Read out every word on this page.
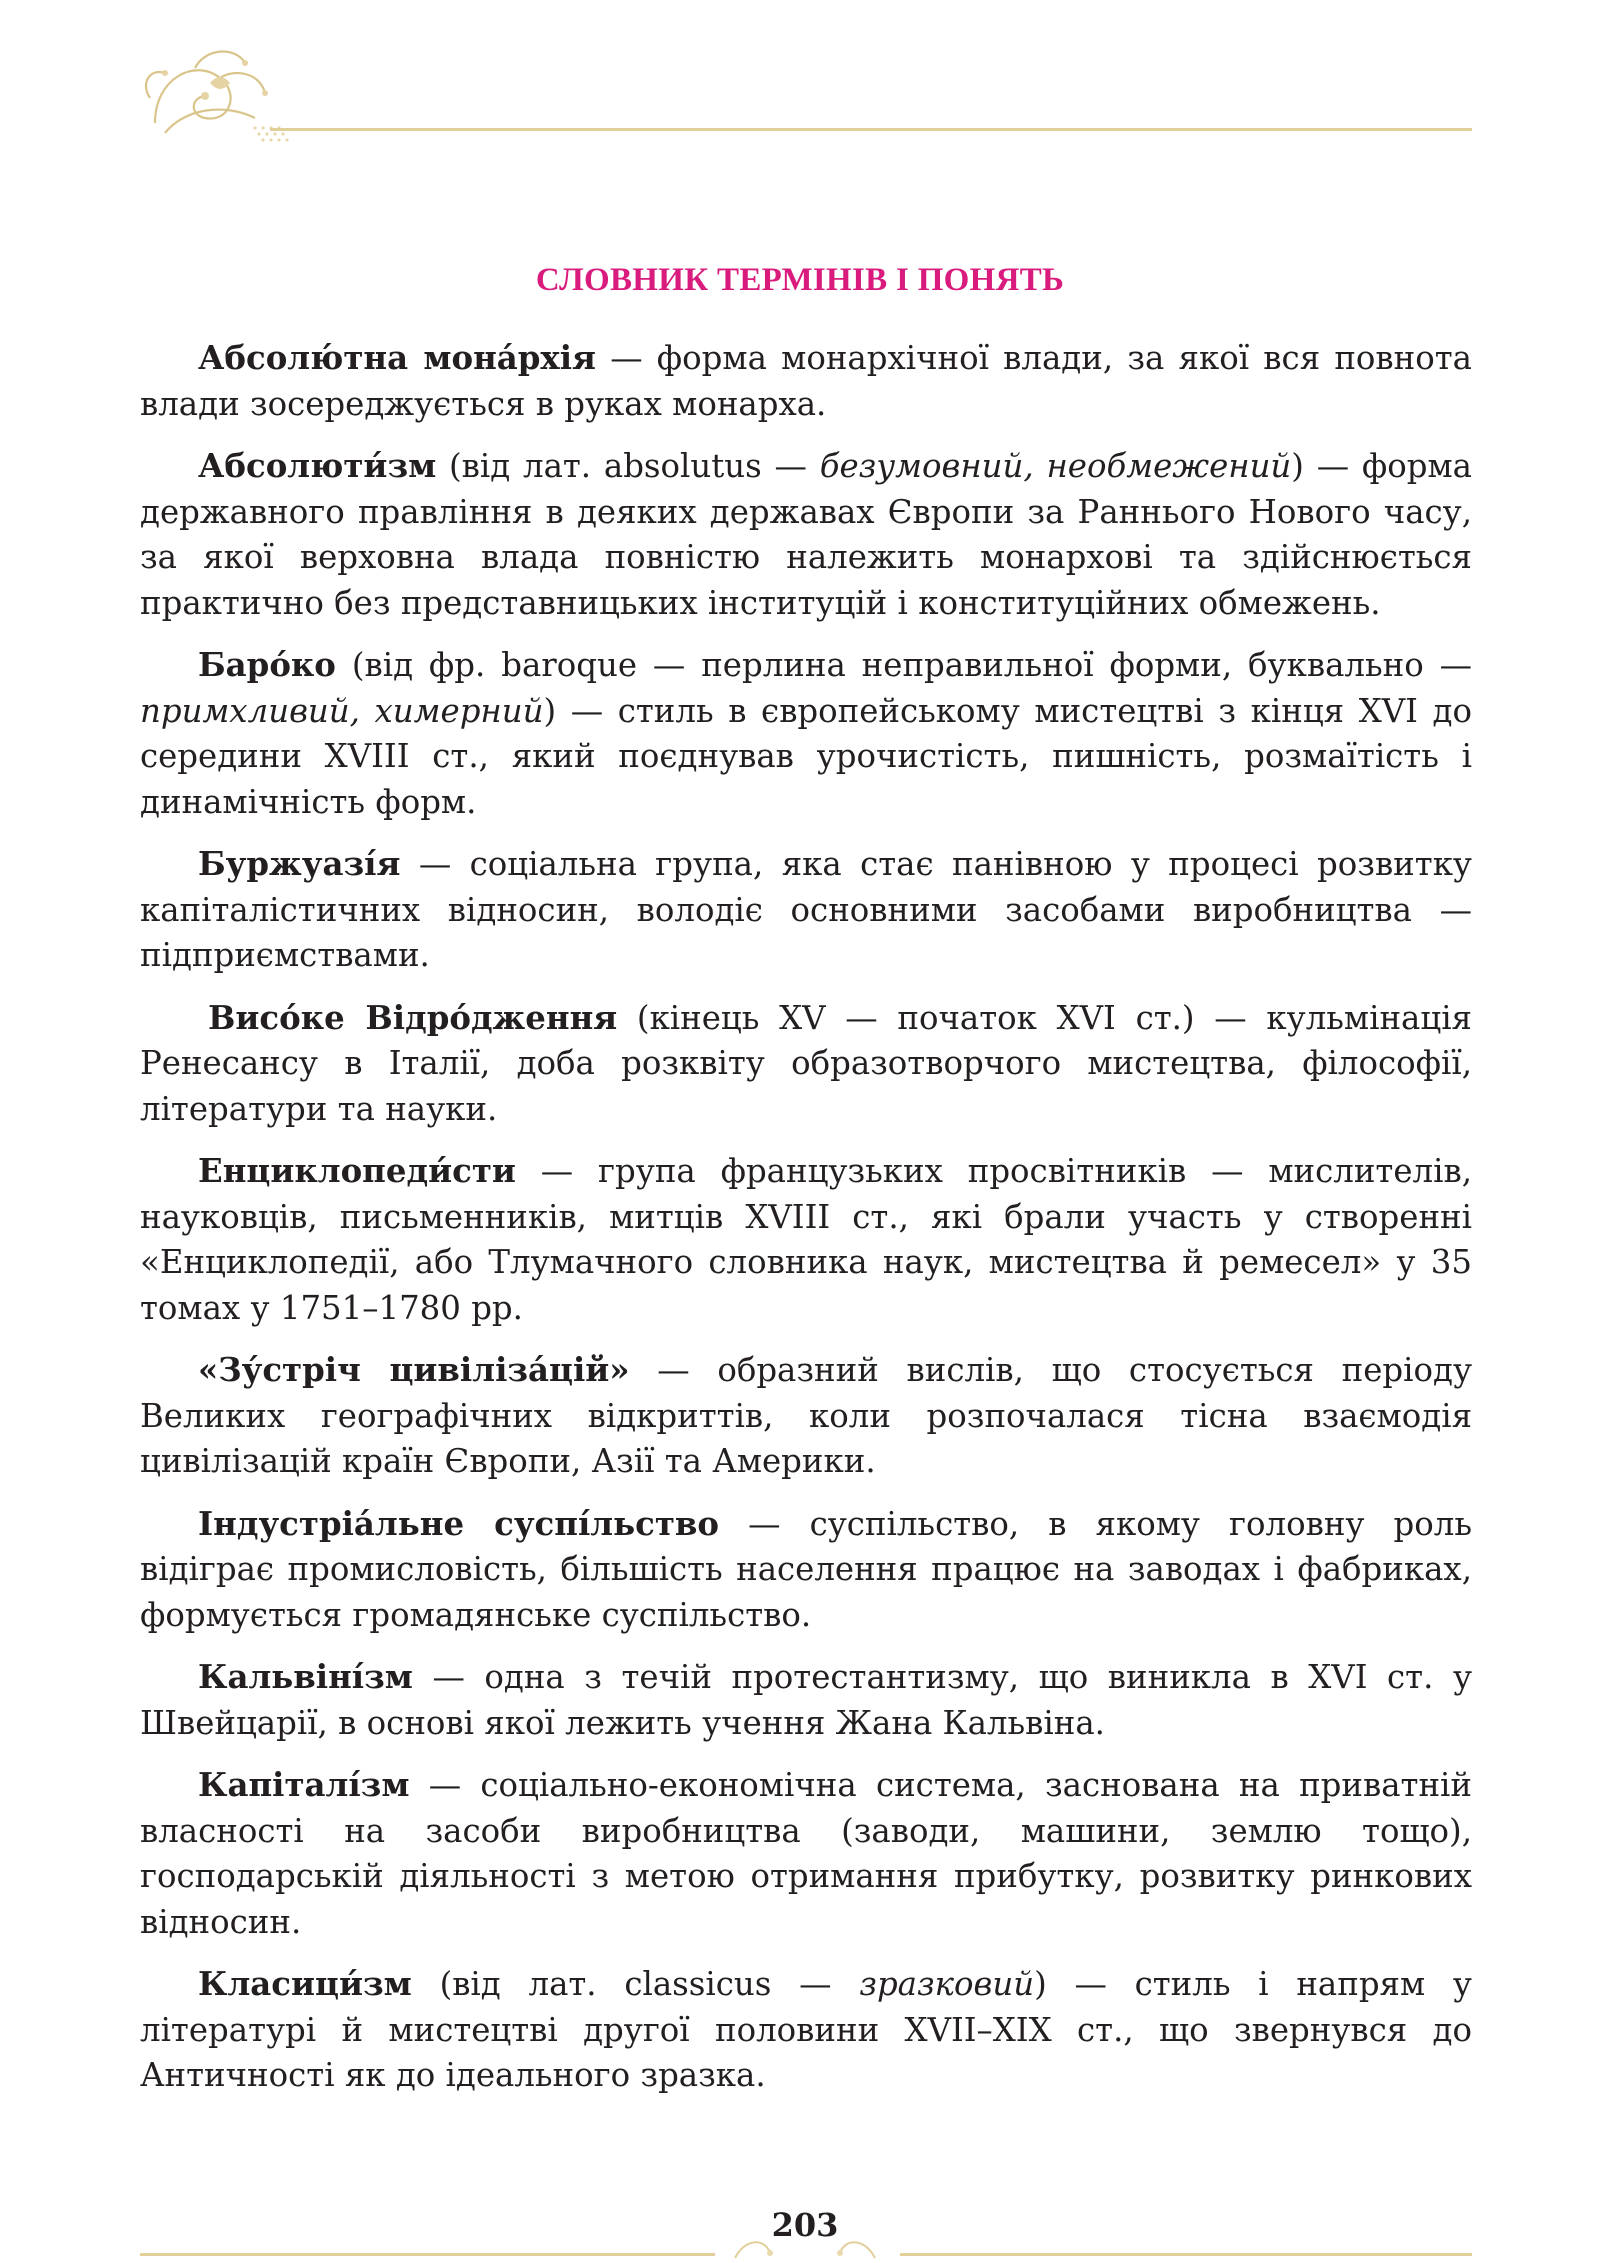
СЛОВНИК ТЕРМІНІВ І ПОНЯТЬ

Абсолю́тна мона́рхія — форма монархічної влади, за якої вся повнота влади зосереджується в руках монарха.

Абсолюти́зм (від лат. absolutus — безумовний, необмежений) — форма державного правління в деяких державах Європи за Раннього Нового часу, за якої верховна влада повністю належить монархові та здійснюється практично без представницьких інституцій і конституційних обмежень.

Баро́ко (від фр. baroque — перлина неправильної форми, буквально — примхливий, химерний) — стиль в європейському мистецтві з кінця XVI до середини XVIII ст., який поєднував урочистість, пишність, розмаїтість і динамічність форм.

Буржуазі́я — соціальна група, яка стає панівною у процесі розвитку капіталістичних відносин, володіє основними засобами виробництва — підприємствами.

Висо́ке Відро́дження (кінець XV — початок XVI ст.) — кульмінація Ренесансу в Італії, доба розквіту образотворчого мистецтва, філософії, літератури та науки.

Енциклопеди́сти — група французьких просвітників — мислителів, науковців, письменників, митців XVIII ст., які брали участь у створенні «Енциклопедії, або Тлумачного словника наук, мистецтва й ремесел» у 35 томах у 1751–1780 рр.

«Зу́стріч цивіліза́цій» — образний вислів, що стосується періоду Великих географічних відкриттів, коли розпочалася тісна взаємодія цивілізацій країн Європи, Азії та Америки.

Індустріа́льне суспі́льство — суспільство, в якому головну роль відіграє промисловість, більшість населення працює на заводах і фабриках, формується громадянське суспільство.

Кальвіні́зм — одна з течій протестантизму, що виникла в XVI ст. у Швейцарії, в основі якої лежить учення Жана Кальвіна.

Капіталі́зм — соціально-економічна система, заснована на приватній власності на засоби виробництва (заводи, машини, землю тощо), господарській діяльності з метою отримання прибутку, розвитку ринкових відносин.

Класици́зм (від лат. classicus — зразковий) — стиль і напрям у літературі й мистецтві другої половини XVII–XIX ст., що звернувся до Античності як до ідеального зразка.

203
